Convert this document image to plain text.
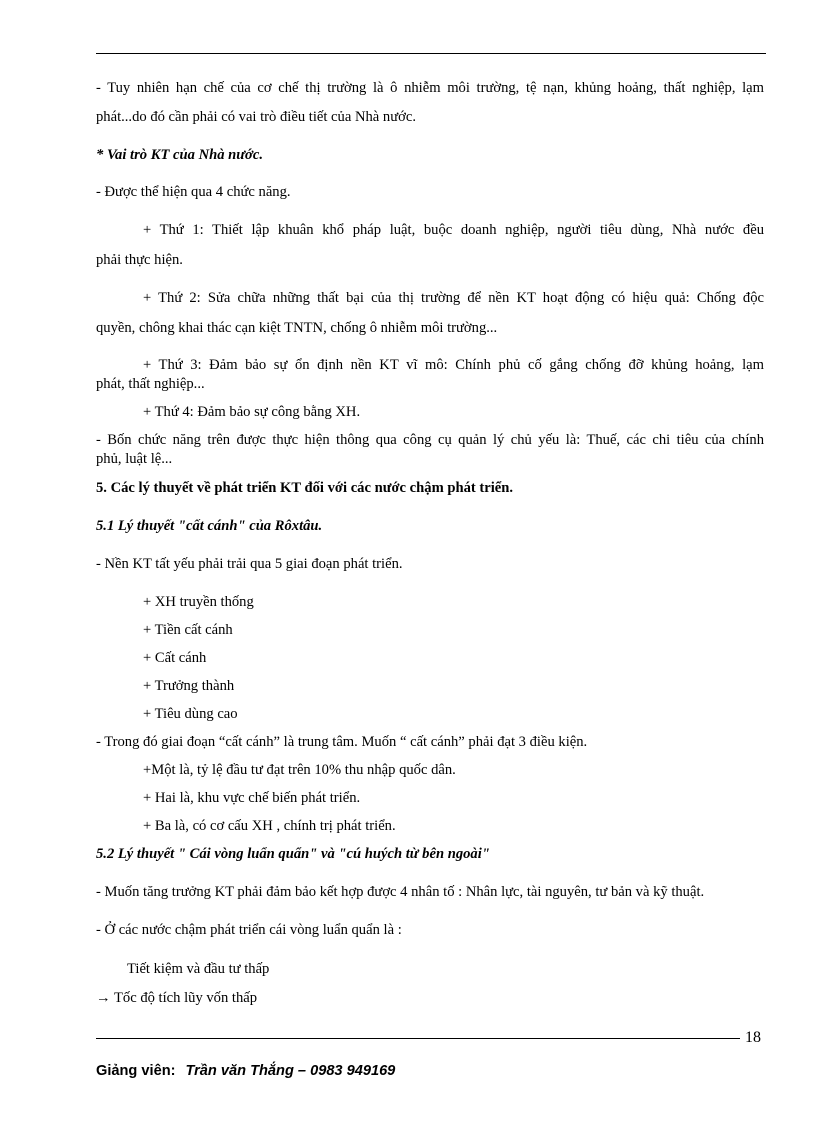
- Tuy nhiên hạn chế của cơ chế thị trường là ô nhiễm môi trường, tệ nạn, khủng hoảng, thất nghiệp, lạm
phát...do đó cần phải có vai trò điều tiết của Nhà nước.
* Vai trò KT của Nhà nước.
- Được thể hiện qua 4 chức năng.
+ Thứ 1: Thiết lập khuân khổ pháp luật, buộc doanh nghiệp, người tiêu dùng, Nhà nước đều
phải thực hiện.
+ Thứ 2: Sửa chữa những thất bại của thị trường để nền KT hoạt động có hiệu quả: Chống độc
quyền, chông khai thác cạn kiệt TNTN, chống ô nhiễm môi trường...
+ Thứ 3: Đảm bảo sự ổn định nền KT vĩ mô: Chính phủ cố gắng chống đỡ khủng hoảng, lạm
phát, thất nghiệp...
+ Thứ 4: Đảm bảo sự công bằng XH.
- Bốn chức năng trên được thực hiện thông qua công cụ quản lý chủ yếu là: Thuế, các chi tiêu của chính
phủ, luật lệ...
5. Các lý thuyết về phát triển KT đối với các nước chậm phát triển.
5.1 Lý thuyết "cất cánh" của Rôxtâu.
- Nền KT tất yếu phải trải qua 5 giai đoạn phát triển.
+ XH truyền thống
+ Tiền cất cánh
+ Cất cánh
+ Trưởng thành
+ Tiêu dùng cao
- Trong đó giai đoạn “cất cánh” là trung tâm. Muốn “ cất cánh” phải đạt 3 điều kiện.
+Một là, tỷ lệ đầu tư đạt trên 10% thu nhập quốc dân.
+ Hai là, khu vực chế biến phát triển.
+ Ba là, có cơ cấu XH , chính trị phát triển.
5.2 Lý thuyết " Cái vòng luẩn quẩn" và "cú huých từ bên ngoài"
- Muốn tăng trưởng KT phải đảm bảo kết hợp được 4 nhân tố : Nhân lực, tài nguyên, tư bản và kỹ thuật.
- Ở các nước chậm phát triển cái vòng luẩn quẩn là :
Tiết kiệm và đầu tư thấp
→ Tốc độ tích lũy vốn thấp
18
Giảng viên: Trần văn Thắng – 0983 949169
